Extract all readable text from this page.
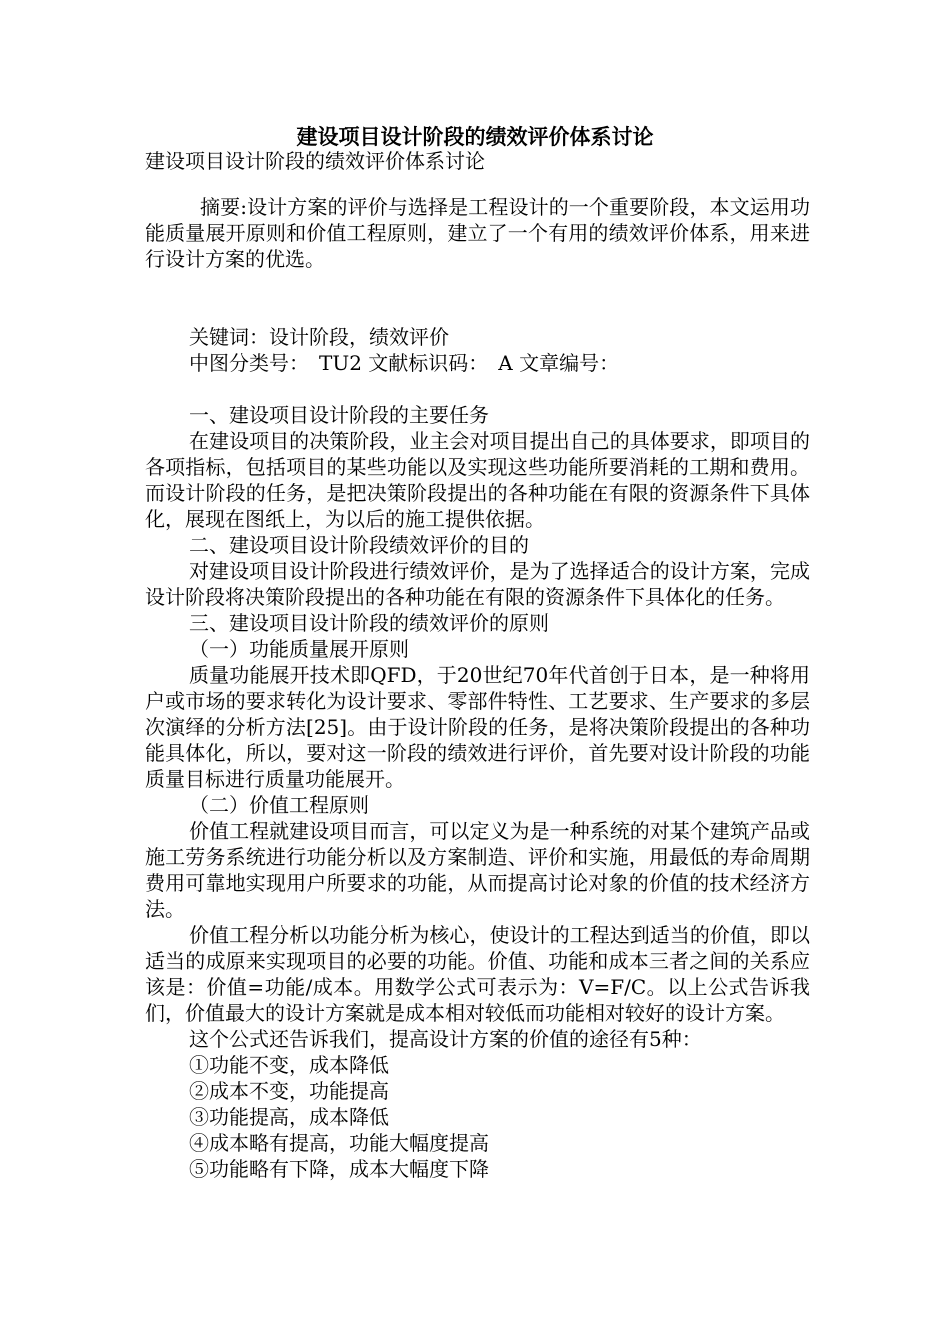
建设项目设计阶段的绩效评价体系讨论

建设项目设计阶段的绩效评价体系讨论

摘要:设计方案的评价与选择是工程设计的一个重要阶段，本文运用功能质量展开原则和价值工程原则，建立了一个有用的绩效评价体系，用来进行设计方案的优选。

关键词：设计阶段，绩效评价

中图分类号：　TU2 文献标识码：　A 文章编号：

一、建设项目设计阶段的主要任务

在建设项目的决策阶段，业主会对项目提出自己的具体要求，即项目的各项指标，包括项目的某些功能以及实现这些功能所要消耗的工期和费用。而设计阶段的任务，是把决策阶段提出的各种功能在有限的资源条件下具体化，展现在图纸上，为以后的施工提供依据。

二、建设项目设计阶段绩效评价的目的

对建设项目设计阶段进行绩效评价，是为了选择适合的设计方案，完成设计阶段将决策阶段提出的各种功能在有限的资源条件下具体化的任务。

三、建设项目设计阶段的绩效评价的原则

（一）功能质量展开原则

质量功能展开技术即QFD，于20世纪70年代首创于日本，是一种将用户或市场的要求转化为设计要求、零部件特性、工艺要求、生产要求的多层次演绎的分析方法[25]。由于设计阶段的任务，是将决策阶段提出的各种功能具体化，所以，要对这一阶段的绩效进行评价，首先要对设计阶段的功能质量目标进行质量功能展开。

（二）价值工程原则

价值工程就建设项目而言，可以定义为是一种系统的对某个建筑产品或施工劳务系统进行功能分析以及方案制造、评价和实施，用最低的寿命周期费用可靠地实现用户所要求的功能，从而提高讨论对象的价值的技术经济方法。

价值工程分析以功能分析为核心，使设计的工程达到适当的价值，即以适当的成原来实现项目的必要的功能。价值、功能和成本三者之间的关系应该是：价值=功能/成本。用数学公式可表示为：V=F/C。以上公式告诉我们，价值最大的设计方案就是成本相对较低而功能相对较好的设计方案。

这个公式还告诉我们，提高设计方案的价值的途径有5种：

①功能不变，成本降低

②成本不变，功能提高

③功能提高，成本降低

④成本略有提高，功能大幅度提高

⑤功能略有下降，成本大幅度下降
